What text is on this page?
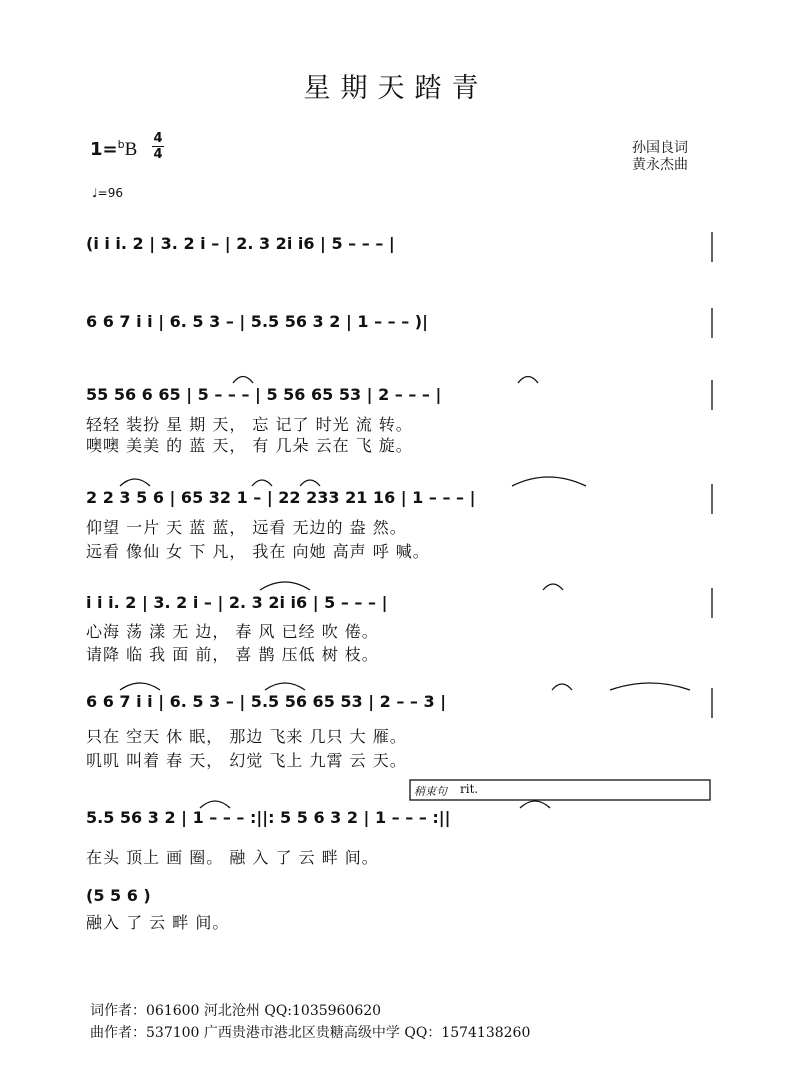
星期天踏青
1=$^b$B
4
4
♩=96
孙国良词
黄永杰曲
(i i i. 2 | 3. 2 i – | 2. 3 2i i6 | 5 – – – |
6 6 7 i i | 6. 5 3 – | 5.5 56 3 2 | 1 – – – )|
55 56 6 65 | 5 – – – | 5 56 65 53 | 2 – – – |
轻轻 装扮 星 期 天， 忘 记了 时光 流 转。
噢噢 美美 的 蓝 天， 有 几朵 云在 飞 旋。
2 2 3 5 6 | 65 32 1 – | 22 233 21 16 | 1 – – – |
仰望 一片 天 蓝 蓝， 远看 无边的 盎 然。
远看 像仙 女 下 凡， 我在 向她 高声 呼 喊。
i i i. 2 | 3. 2 i – | 2. 3 2i i6 | 5 – – – |
心海 荡 漾 无 边， 春 风 已经 吹 倦。
请降 临 我 面 前， 喜 鹊 压低 树 枝。
6 6 7 i i | 6. 5 3 – | 5.5 56 65 53 | 2 – – 3 |
只在 空天 休 眠， 那边 飞来 几只 大 雁。
叽叽 叫着 春 天， 幻觉 飞上 九霄 云 天。
稍束句 rit.
5.5 56 3 2 | 1 – – – :||: 5 5 6 3 2 | 1 – – – :||
在头 顶上 画 圈。 融 入 了 云 畔 间。
(5 5 6 )
融入 了 云 畔 间。
词作者：061600 河北沧州 QQ:1035960620
曲作者：537100 广西贵港市港北区贵糖高级中学 QQ：1574138260
